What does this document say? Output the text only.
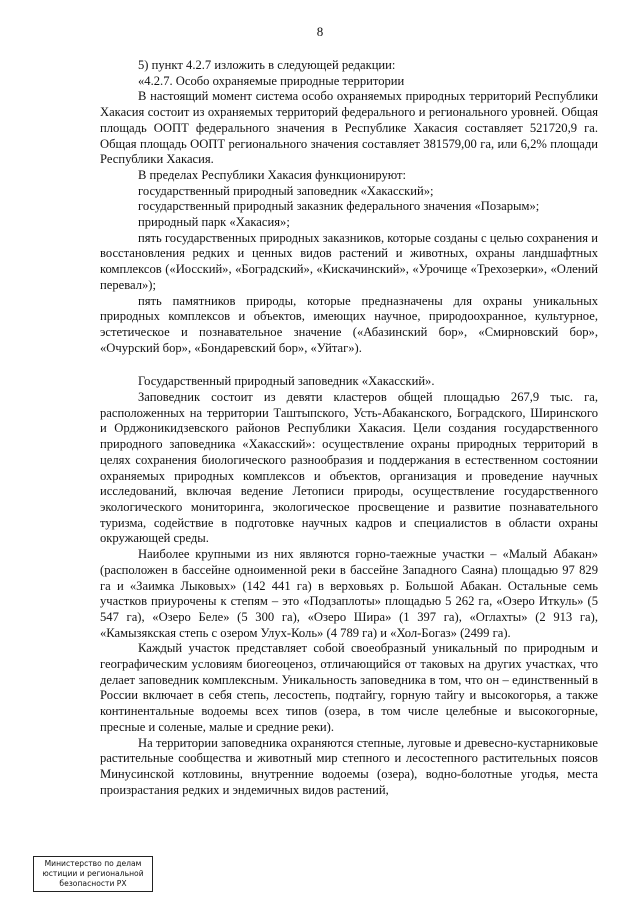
8

5) пункт 4.2.7 изложить в следующей редакции:

«4.2.7. Особо охраняемые природные территории

В настоящий момент система особо охраняемых природных территорий Республики Хакасия состоит из охраняемых территорий федерального и регионального уровней. Общая площадь ООПТ федерального значения в Республике Хакасия составляет 521720,9 га. Общая площадь ООПТ регионального значения составляет 381579,00 га, или 6,2% площади Республики Хакасия.

В пределах Республики Хакасия функционируют:

государственный природный заповедник «Хакасский»;

государственный природный заказник федерального значения «Позарым»;

природный парк «Хакасия»;

пять государственных природных заказников, которые созданы с целью сохранения и восстановления редких и ценных видов растений и животных, охраны ландшафтных комплексов («Иосский», «Боградский», «Кискачинский», «Урочище «Трехозерки», «Олений перевал»);

пять памятников природы, которые предназначены для охраны уникальных природных комплексов и объектов, имеющих научное, природоохранное, культурное, эстетическое и познавательное значение («Абазинский бор», «Смирновский бор», «Очурский бор», «Бондаревский бор», «Уйтаг»).

Государственный природный заповедник «Хакасский».

Заповедник состоит из девяти кластеров общей площадью 267,9 тыс. га, расположенных на территории Таштыпского, Усть-Абаканского, Боградского, Ширинского и Орджоникидзевского районов Республики Хакасия. Цели создания государственного природного заповедника «Хакасский»: осуществление охраны природных территорий в целях сохранения биологического разнообразия и поддержания в естественном состоянии охраняемых природных комплексов и объектов, организация и проведение научных исследований, включая ведение Летописи природы, осуществление государственного экологического мониторинга, экологическое просвещение и развитие познавательного туризма, содействие в подготовке научных кадров и специалистов в области охраны окружающей среды.

Наиболее крупными из них являются горно-таежные участки – «Малый Абакан» (расположен в бассейне одноименной реки в бассейне Западного Саяна) площадью 97 829 га и «Заимка Лыковых» (142 441 га) в верховьях р. Большой Абакан. Остальные семь участков приурочены к степям – это «Подзаплоты» площадью 5 262 га, «Озеро Иткуль» (5 547 га), «Озеро Беле» (5 300 га), «Озеро Шира» (1 397 га), «Оглахты» (2 913 га), «Камызякская степь с озером Улух-Коль» (4 789 га) и «Хол-Богаз» (2499 га).

Каждый участок представляет собой своеобразный уникальный по природным и географическим условиям биогеоценоз, отличающийся от таковых на других участках, что делает заповедник комплексным. Уникальность заповедника в том, что он – единственный в России включает в себя степь, лесостепь, подтайгу, горную тайгу и высокогорья, а также континентальные водоемы всех типов (озера, в том числе целебные и высокогорные, пресные и соленые, малые и средние реки).

На территории заповедника охраняются степные, луговые и древесно-кустарниковые растительные сообщества и животный мир степного и лесостепного растительных поясов Минусинской котловины, внутренние водоемы (озера), водно-болотные угодья, места произрастания редких и эндемичных видов растений,

Министерство по делам
юстиции и региональной
безопасности РХ
